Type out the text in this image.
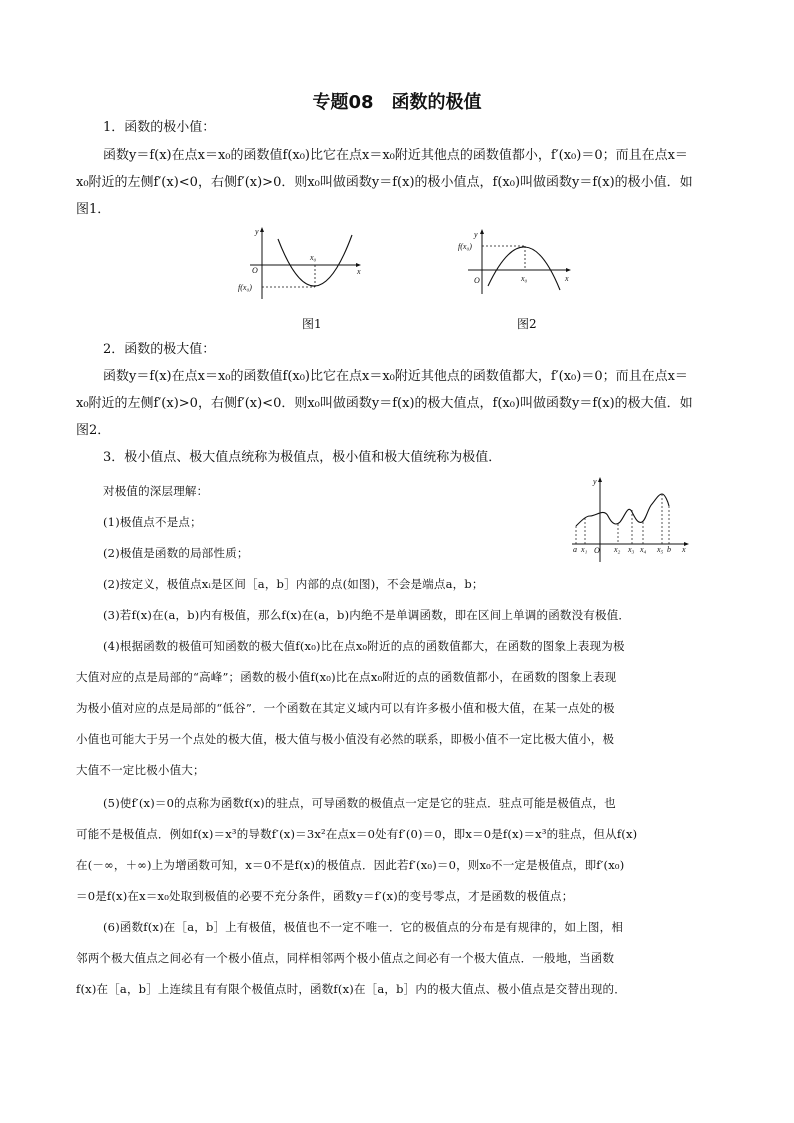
专题08　函数的极值
1．函数的极小值：
函数y＝f(x)在点x＝x₀的函数值f(x₀)比它在点x＝x₀附近其他点的函数值都小，f′(x₀)＝0；而且在点x＝
x₀附近的左侧f′(x)<0，右侧f′(x)>0．则x₀叫做函数y＝f(x)的极小值点，f(x₀)叫做函数y＝f(x)的极小值．如
图1．
y
x
O
x₀
f(x₀)
图1
y
x
O	x₀
f(x₀)
图2
2．函数的极大值：
函数y＝f(x)在点x＝x₀的函数值f(x₀)比它在点x＝x₀附近其他点的函数值都大，f′(x₀)＝0；而且在点x＝
x₀附近的左侧f′(x)>0，右侧f′(x)<0．则x₀叫做函数y＝f(x)的极大值点，f(x₀)叫做函数y＝f(x)的极大值．如
图2．
3．极小值点、极大值点统称为极值点，极小值和极大值统称为极值．
y
x
O
a x₁	x₂ x₃ x₄ x₅ b
对极值的深层理解：
(1)极值点不是点；
(2)极值是函数的局部性质；
(2)按定义，极值点xᵢ是区间［a，b］内部的点(如图)，不会是端点a，b；
(3)若f(x)在(a，b)内有极值，那么f(x)在(a，b)内绝不是单调函数，即在区间上单调的函数没有极值．
(4)根据函数的极值可知函数的极大值f(x₀)比在点x₀附近的点的函数值都大，在函数的图象上表现为极
大值对应的点是局部的“高峰”；函数的极小值f(x₀)比在点x₀附近的点的函数值都小，在函数的图象上表现
为极小值对应的点是局部的“低谷”．一个函数在其定义域内可以有许多极小值和极大值，在某一点处的极
小值也可能大于另一个点处的极大值，极大值与极小值没有必然的联系，即极小值不一定比极大值小，极
大值不一定比极小值大；
(5)使f′(x)＝0的点称为函数f(x)的驻点，可导函数的极值点一定是它的驻点．驻点可能是极值点，也
可能不是极值点．例如f(x)＝x³的导数f′(x)＝3x²在点x＝0处有f′(0)＝0，即x＝0是f(x)＝x³的驻点，但从f(x)
在(－∞，＋∞)上为增函数可知，x＝0不是f(x)的极值点．因此若f′(x₀)＝0，则x₀不一定是极值点，即f′(x₀)
＝0是f(x)在x＝x₀处取到极值的必要不充分条件，函数y＝f′(x)的变号零点，才是函数的极值点；
(6)函数f(x)在［a，b］上有极值，极值也不一定不唯一．它的极值点的分布是有规律的，如上图，相
邻两个极大值点之间必有一个极小值点，同样相邻两个极小值点之间必有一个极大值点．一般地，当函数
f(x)在［a，b］上连续且有有限个极值点时，函数f(x)在［a，b］内的极大值点、极小值点是交替出现的．
